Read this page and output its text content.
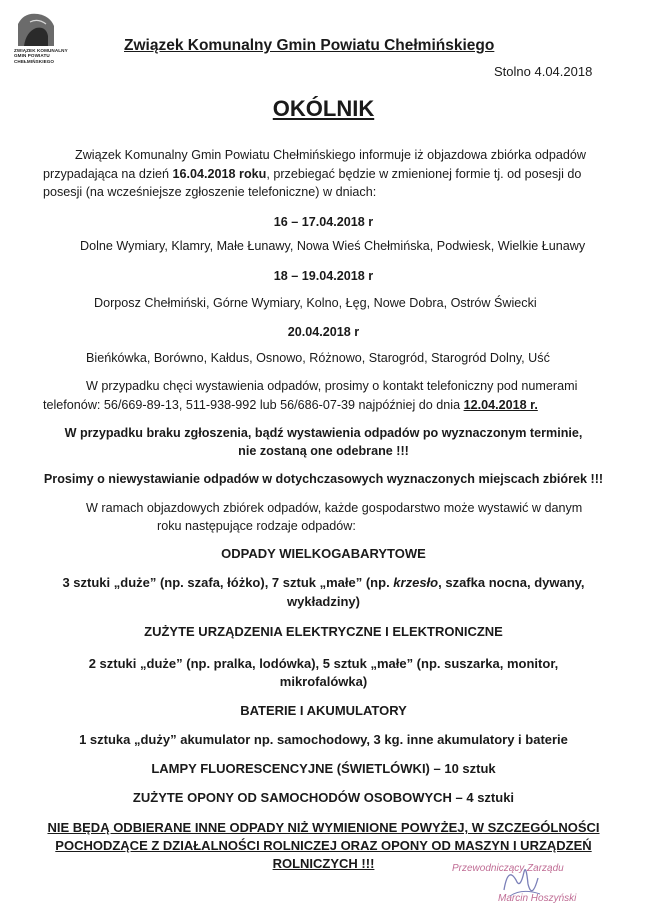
ZWIĄZEK KOMUNALNY
GMIN POWIATU
CHEŁMIŃSKIEGO
Związek Komunalny Gmin Powiatu Chełmińskiego
Stolno 4.04.2018
OKÓLNIK
Związek Komunalny Gmin Powiatu Chełmińskiego informuje iż objazdowa zbiórka odpadów
przypadająca na dzień 16.04.2018 roku, przebiegać będzie w zmienionej formie tj. od posesji do
posesji (na wcześniejsze zgłoszenie telefoniczne) w dniach:
16 – 17.04.2018 r
Dolne Wymiary, Klamry, Małe Łunawy, Nowa Wieś Chełmińska, Podwiesk, Wielkie Łunawy
18 – 19.04.2018 r
Dorposz Chełmiński, Górne Wymiary, Kolno, Łęg, Nowe Dobra, Ostrów Świecki
20.04.2018 r
Bieńkówka, Borówno, Kałdus, Osnowo, Różnowo, Starogród, Starogród Dolny, Uść
W przypadku chęci wystawienia odpadów, prosimy o kontakt telefoniczny pod numerami
telefonów: 56/669-89-13, 511-938-992 lub 56/686-07-39 najpóźniej do dnia 12.04.2018 r.
W przypadku braku zgłoszenia, bądź wystawienia odpadów po wyznaczonym terminie,
nie zostaną one odebrane !!!
Prosimy o niewystawianie odpadów w dotychczasowych wyznaczonych miejscach zbiórek !!!
W ramach objazdowych zbiórek odpadów, każde gospodarstwo może wystawić w danym
roku następujące rodzaje odpadów:
ODPADY WIELKOGABARYTOWE
3 sztuki „duże” (np. szafa, łóżko), 7 sztuk „małe” (np. krzesło, szafka nocna, dywany,
wykładziny)
ZUŻYTE URZĄDZENIA ELEKTRYCZNE I ELEKTRONICZNE
2 sztuki „duże” (np. pralka, lodówka), 5 sztuk „małe” (np. suszarka, monitor,
mikrofalówka)
BATERIE I AKUMULATORY
1 sztuka „duży” akumulator np. samochodowy, 3 kg. inne akumulatory i baterie
LAMPY FLUORESCENCYJNE (ŚWIETLÓWKI) – 10 sztuk
ZUŻYTE OPONY OD SAMOCHODÓW OSOBOWYCH – 4 sztuki
NIE BĘDĄ ODBIERANE INNE ODPADY NIŻ WYMIENIONE POWYŻEJ, W SZCZEGÓLNOŚCI
POCHODZĄCE Z DZIAŁALNOŚCI ROLNICZEJ ORAZ OPONY OD MASZYN I URZĄDZEŃ
ROLNICZYCH !!!	Przewodniczący Zarządu
Marcin Hoszyński
